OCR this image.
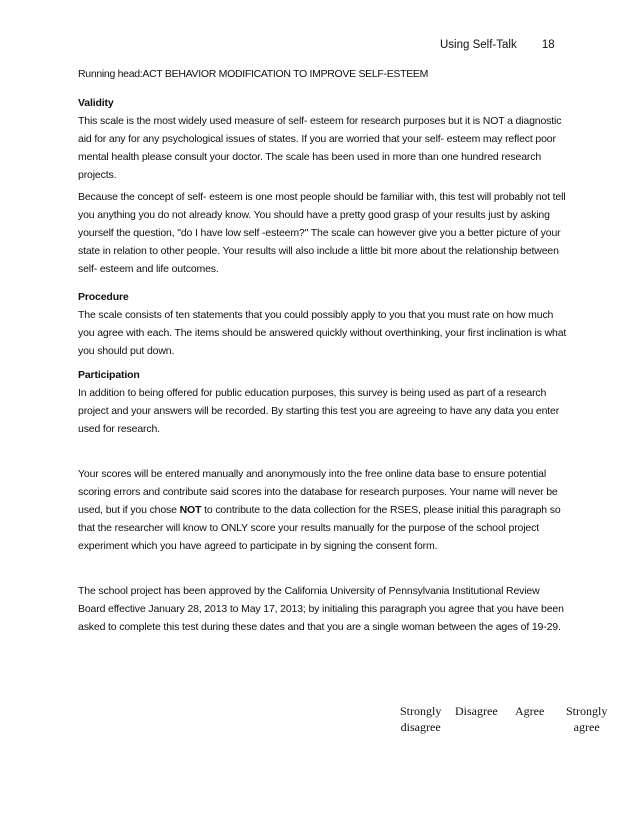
Using Self-Talk 18
Running head:ACT BEHAVIOR MODIFICATION TO IMPROVE SELF-ESTEEM

Validity

This scale is the most widely used measure of self- esteem for research purposes but it is NOT a diagnostic aid for any for any psychological issues of states. If you are worried that your self- esteem may reflect poor mental health please consult your doctor. The scale has been used in more than one hundred research projects.

Because the concept of self- esteem is one most people should be familiar with, this test will probably not tell you anything you do not already know. You should have a pretty good grasp of your results just by asking yourself the question, "do I have low self -esteem?" The scale can however give you a better picture of your state in relation to other people. Your results will also include a little bit more about the relationship between self- esteem and life outcomes.

Procedure

The scale consists of ten statements that you could possibly apply to you that you must rate on how much you agree with each. The items should be answered quickly without overthinking, your first inclination is what you should put down.

Participation

In addition to being offered for public education purposes, this survey is being used as part of a research project and your answers will be recorded. By starting this test you are agreeing to have any data you enter used for research.

Your scores will be entered manually and anonymously into the free online data base to ensure potential scoring errors and contribute said scores into the database for research purposes. Your name will never be used, but if you chose NOT to contribute to the data collection for the RSES, please initial this paragraph so that the researcher will know to ONLY score your results manually for the purpose of the school project experiment which you have agreed to participate in by signing the consent form.

The school project has been approved by the California University of Pennsylvania Institutional Review Board effective January 28, 2013 to May 17, 2013; by initialing this paragraph you agree that you have been asked to complete this test during these dates and that you are a single woman between the ages of 19-29.

Strongly
disagree
Disagree Agree Strongly
agree
